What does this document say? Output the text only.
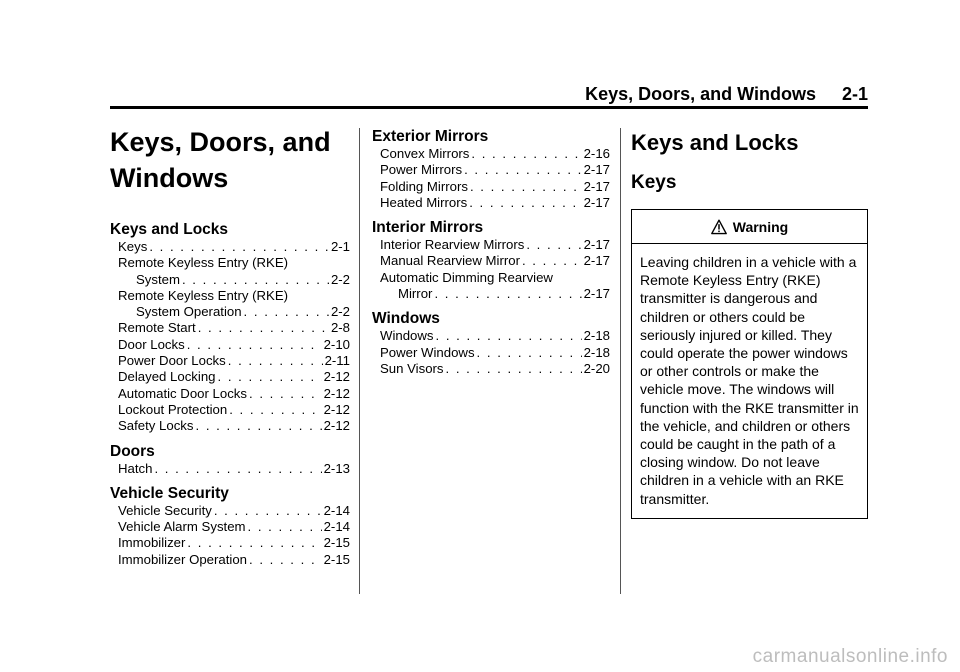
Keys, Doors, and Windows 2-1
Keys, Doors, and
Windows
Keys and Locks
Keys . . .	2-1
Remote Keyless Entry (RKE)
System . . .	2-2
Remote Keyless Entry (RKE)
System Operation . . .	2-2
Remote Start . . .	2-8
Door Locks . . .	2-10
Power Door Locks . . .	2-11
Delayed Locking . . .	2-12
Automatic Door Locks . . .	2-12
Lockout Protection . . .	2-12
Safety Locks . . .	2-12
Doors
Hatch . . .	2-13
Vehicle Security
Vehicle Security . . .	2-14
Vehicle Alarm System . . .	2-14
Immobilizer . . .	2-15
Immobilizer Operation . . .	2-15
Exterior Mirrors
Convex Mirrors . . .	2-16
Power Mirrors . . .	2-17
Folding Mirrors . . .	2-17
Heated Mirrors . . .	2-17
Interior Mirrors
Interior Rearview Mirrors . . .	2-17
Manual Rearview Mirror . . .	2-17
Automatic Dimming Rearview
Mirror . . .	2-17
Windows
Windows . . .	2-18
Power Windows . . .	2-18
Sun Visors . . .	2-20
Keys and Locks
Keys
Warning
Leaving children in a vehicle with a Remote Keyless Entry (RKE) transmitter is dangerous and children or others could be seriously injured or killed. They could operate the power windows or other controls or make the vehicle move. The windows will function with the RKE transmitter in the vehicle, and children or others could be caught in the path of a closing window. Do not leave children in a vehicle with an RKE transmitter.
carmanualsonline.info
